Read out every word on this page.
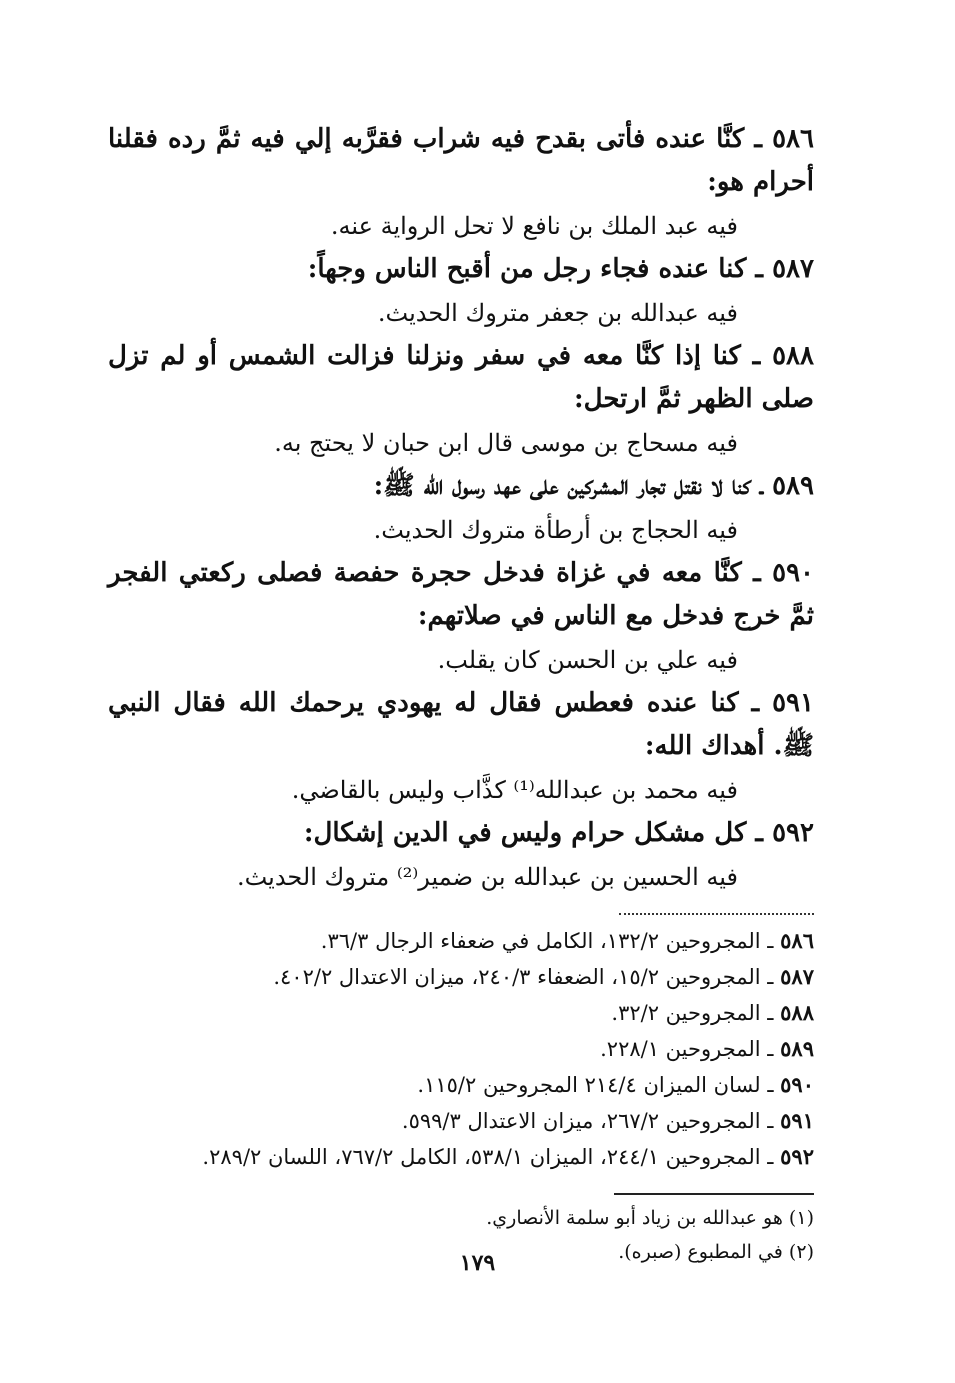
٥٨٦ ـ كنَّا عنده فأتى بقدح فيه شراب فقرَّبه إلي فيه ثمَّ رده فقلنا أحرام هو:
فيه عبد الملك بن نافع لا تحل الرواية عنه.
٥٨٧ ـ كنا عنده فجاء رجل من أقبح الناس وجهاً:
فيه عبدالله بن جعفر متروك الحديث.
٥٨٨ ـ كنا إذا كنَّا معه في سفر ونزلنا فزالت الشمس أو لم تزل صلى الظهر ثمَّ ارتحل:
فيه مسحاج بن موسى قال ابن حبان لا يحتج به.
٥٨٩ ـ كنا لا نقتل تجار المشركين على عهد رسول الله ﷺ:
فيه الحجاج بن أرطأة متروك الحديث.
٥٩٠ ـ كنَّا معه في غزاة فدخل حجرة حفصة فصلى ركعتي الفجر ثمَّ خرج فدخل مع الناس في صلاتهم:
فيه علي بن الحسن كان يقلب.
٥٩١ ـ كنا عنده فعطس فقال له يهودي يرحمك الله فقال النبي ﷺ. أهداك الله:
فيه محمد بن عبدالله⁽¹⁾ كذَّاب وليس بالقاضي.
٥٩٢ ـ كل مشكل حرام وليس في الدين إشكال:
فيه الحسين بن عبدالله بن ضمير⁽²⁾ متروك الحديث.
٥٨٦ ـ المجروحين ١٣٢/٢، الكامل في ضعفاء الرجال ٣٦/٣.
٥٨٧ ـ المجروحين ١٥/٢، الضعفاء ٢٤٠/٣، ميزان الاعتدال ٤٠٢/٢.
٥٨٨ ـ المجروحين ٣٢/٢.
٥٨٩ ـ المجروحين ٢٢٨/١.
٥٩٠ ـ لسان الميزان ٢١٤/٤ المجروحين ١١٥/٢.
٥٩١ ـ المجروحين ٢٦٧/٢، ميزان الاعتدال ٥٩٩/٣.
٥٩٢ ـ المجروحين ٢٤٤/١، الميزان ٥٣٨/١، الكامل ٧٦٧/٢، اللسان ٢٨٩/٢.
(١) هو عبدالله بن زياد أبو سلمة الأنصاري.
(٢) في المطبوع (صبره).
١٧٩
